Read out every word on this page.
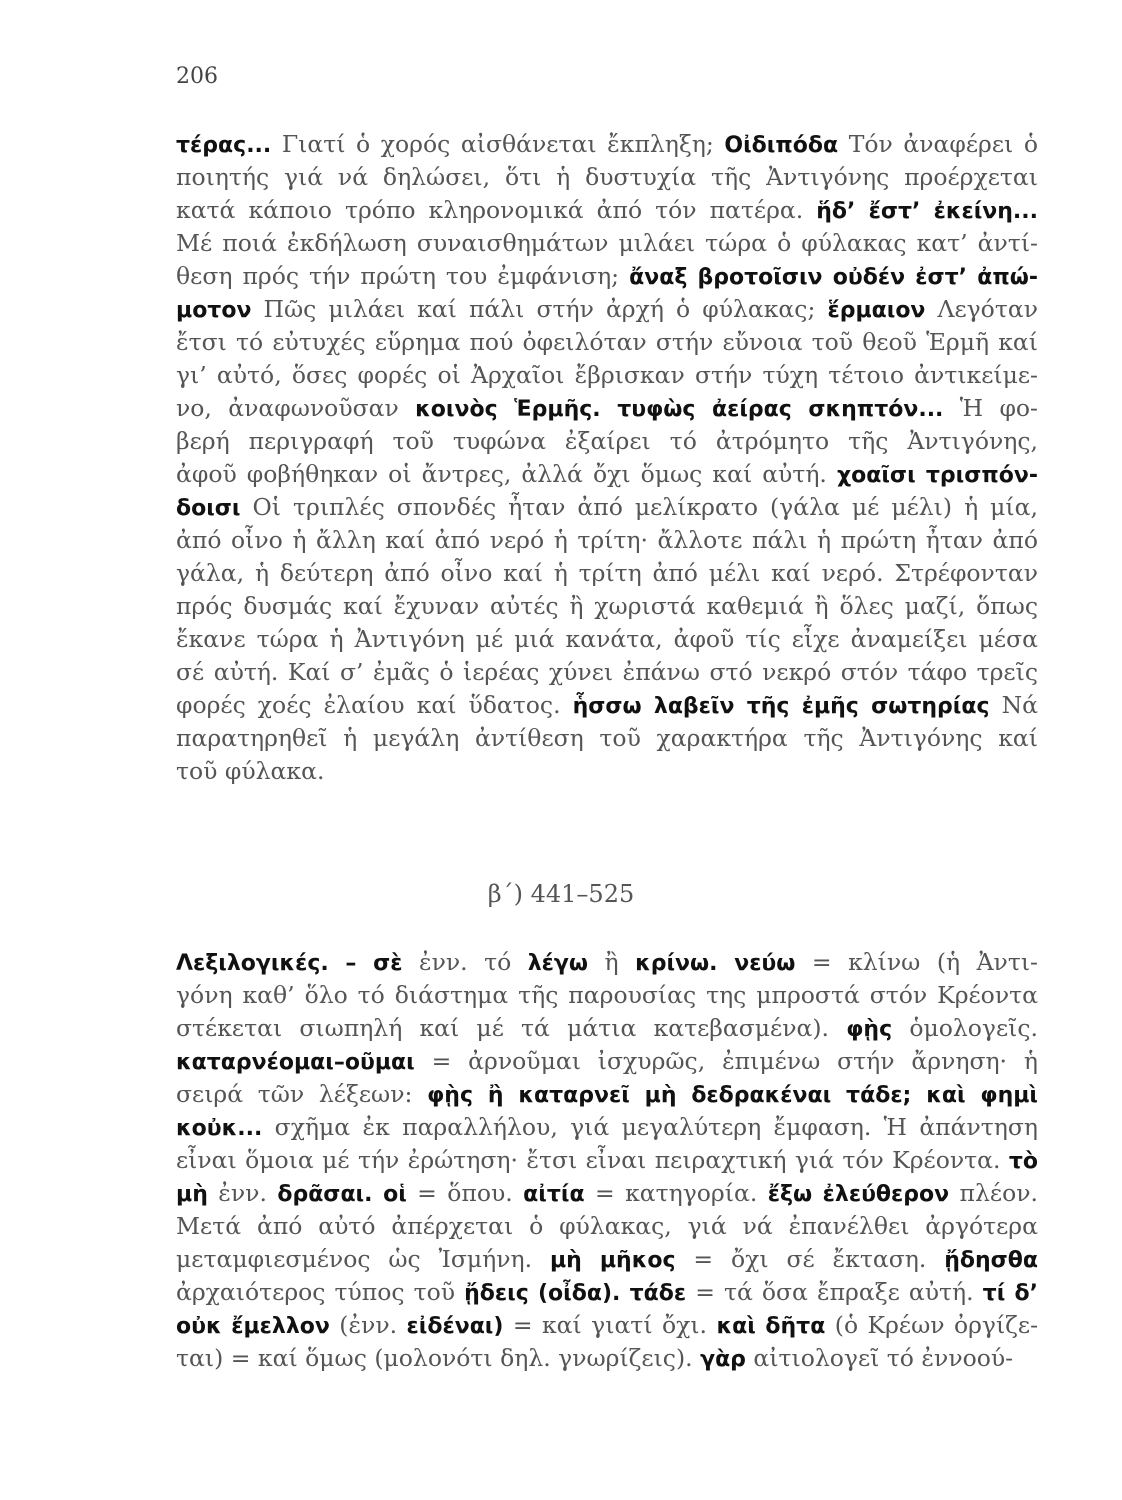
206
τέρας... Γιατί ὁ χορός αἰσθάνεται ἔκπληξη; Οἰδιπόδα Τόν ἀναφέρει ὁ
ποιητής γιά νά δηλώσει, ὅτι ἡ δυστυχία τῆς Ἀντιγόνης προέρχεται
κατά κάποιο τρόπο κληρονομικά ἀπό τόν πατέρα. ἥδ’ ἔστ’ ἐκείνη...
Μέ ποιά ἐκδήλωση συναισθημάτων μιλάει τώρα ὁ φύλακας κατ’ ἀντί-
θεση πρός τήν πρώτη του ἐμφάνιση; ἄναξ βροτοῖσιν οὐδέν ἐστ’ ἀπώ-
μοτον Πῶς μιλάει καί πάλι στήν ἀρχή ὁ φύλακας; ἕρμαιον Λεγόταν
ἔτσι τό εὐτυχές εὕρημα πού ὀφειλόταν στήν εὔνοια τοῦ θεοῦ Ἑρμῆ καί
γι’ αὐτό, ὅσες φορές οἱ Ἀρχαῖοι ἔβρισκαν στήν τύχη τέτοιο ἀντικείμε-
νο, ἀναφωνοῦσαν κοινὸς Ἑρμῆς. τυφὼς ἀείρας σκηπτόν... Ἡ φο-
βερή περιγραφή τοῦ τυφώνα ἐξαίρει τό ἀτρόμητο τῆς Ἀντιγόνης,
ἀφοῦ φοβήθηκαν οἱ ἄντρες, ἀλλά ὄχι ὅμως καί αὐτή. χοαῖσι τρισπόν-
δοισι Οἱ τριπλές σπονδές ἦταν ἀπό μελίκρατο (γάλα μέ μέλι) ἡ μία,
ἀπό οἶνο ἡ ἄλλη καί ἀπό νερό ἡ τρίτη· ἄλλοτε πάλι ἡ πρώτη ἦταν ἀπό
γάλα, ἡ δεύτερη ἀπό οἶνο καί ἡ τρίτη ἀπό μέλι καί νερό. Στρέφονταν
πρός δυσμάς καί ἔχυναν αὐτές ἢ χωριστά καθεμιά ἢ ὅλες μαζί, ὅπως
ἔκανε τώρα ἡ Ἀντιγόνη μέ μιά κανάτα, ἀφοῦ τίς εἶχε ἀναμείξει μέσα
σέ αὐτή. Καί σ’ ἐμᾶς ὁ ἱερέας χύνει ἐπάνω στό νεκρό στόν τάφο τρεῖς
φορές χοές ἐλαίου καί ὕδατος. ἧσσω λαβεῖν τῆς ἐμῆς σωτηρίας Νά
παρατηρηθεῖ ἡ μεγάλη ἀντίθεση τοῦ χαρακτήρα τῆς Ἀντιγόνης καί
τοῦ φύλακα.
β΄) 441–525
Λεξιλογικές. – σὲ ἐνν. τό λέγω ἢ κρίνω. νεύω = κλίνω (ἡ Ἀντι-
γόνη καθ’ ὅλο τό διάστημα τῆς παρουσίας της μπροστά στόν Κρέοντα
στέκεται σιωπηλή καί μέ τά μάτια κατεβασμένα). φῂς ὁμολογεῖς.
καταρνέομαι–οῦμαι = ἀρνοῦμαι ἰσχυρῶς, ἐπιμένω στήν ἄρνηση· ἡ
σειρά τῶν λέξεων: φῂς ἢ καταρνεῖ μὴ δεδρακέναι τάδε; καὶ φημὶ
κοὐκ... σχῆμα ἐκ παραλλήλου, γιά μεγαλύτερη ἔμφαση. Ἡ ἀπάντηση
εἶναι ὅμοια μέ τήν ἐρώτηση· ἔτσι εἶναι πειραχτική γιά τόν Κρέοντα. τὸ
μὴ ἐνν. δρᾶσαι. οἱ = ὅπου. αἰτία = κατηγορία. ἔξω ἐλεύθερον πλέον.
Μετά ἀπό αὐτό ἀπέρχεται ὁ φύλακας, γιά νά ἐπανέλθει ἀργότερα
μεταμφιεσμένος ὡς Ἰσμήνη. μὴ μῆκος = ὄχι σέ ἔκταση. ᾔδησθα
ἀρχαιότερος τύπος τοῦ ᾔδεις (οἶδα). τάδε = τά ὅσα ἔπραξε αὐτή. τί δ’
οὐκ ἔμελλον (ἐνν. εἰδέναι) = καί γιατί ὄχι. καὶ δῆτα (ὁ Κρέων ὀργίζε-
ται) = καί ὅμως (μολονότι δηλ. γνωρίζεις). γὰρ αἰτιολογεῖ τό ἐννοού-
